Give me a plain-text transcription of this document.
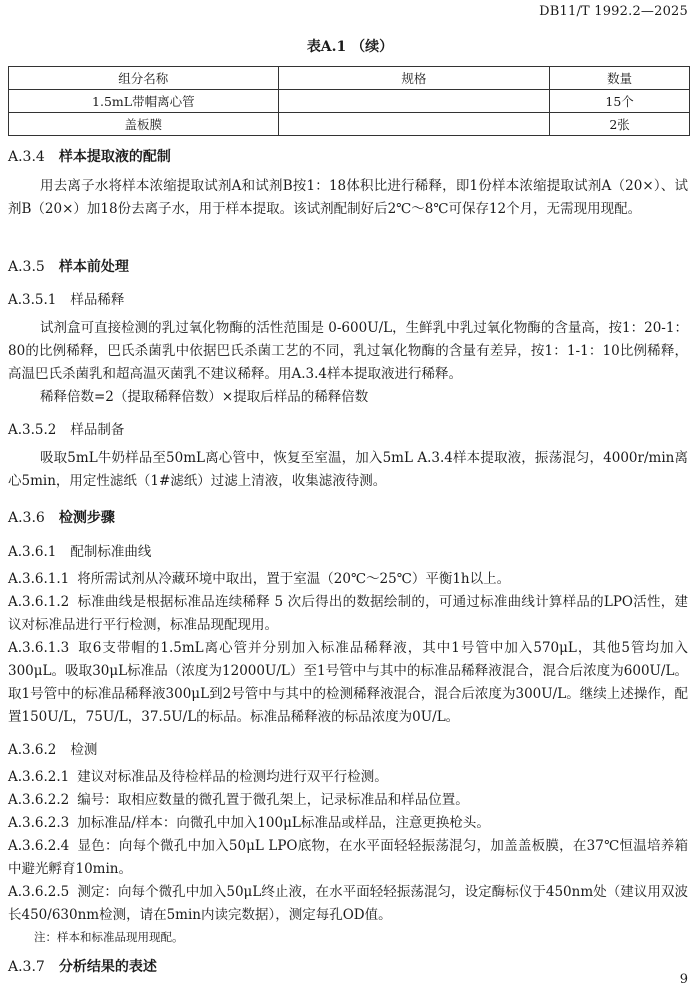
DB11/T 1992.2—2025
表A.1 （续）
组分名称	规格	数量
1.5mL带帽离心管		15个
盖板膜		2张
A.3.4 样本提取液的配制
用去离子水将样本浓缩提取试剂A和试剂B按1：18体积比进行稀释，即1份样本浓缩提取试剂A（20×）、试剂B（20×）加18份去离子水，用于样本提取。该试剂配制好后2℃～8℃可保存12个月，无需现用现配。
A.3.5 样本前处理
A.3.5.1 样品稀释
试剂盒可直接检测的乳过氧化物酶的活性范围是 0-600U/L，生鲜乳中乳过氧化物酶的含量高，按1：20-1：80的比例稀释，巴氏杀菌乳中依据巴氏杀菌工艺的不同，乳过氧化物酶的含量有差异，按1：1-1：10比例稀释，高温巴氏杀菌乳和超高温灭菌乳不建议稀释。用A.3.4样本提取液进行稀释。
稀释倍数=2（提取稀释倍数）×提取后样品的稀释倍数
A.3.5.2 样品制备
吸取5mL牛奶样品至50mL离心管中，恢复至室温，加入5mL A.3.4样本提取液，振荡混匀，4000r/min离心5min，用定性滤纸（1#滤纸）过滤上清液，收集滤液待测。
A.3.6 检测步骤
A.3.6.1 配制标准曲线
A.3.6.1.1 将所需试剂从冷藏环境中取出，置于室温（20℃～25℃）平衡1h以上。
A.3.6.1.2 标准曲线是根据标准品连续稀释 5 次后得出的数据绘制的，可通过标准曲线计算样品的LPO活性，建议对标准品进行平行检测，标准品现配现用。
A.3.6.1.3 取6支带帽的1.5mL离心管并分别加入标准品稀释液，其中1号管中加入570μL，其他5管均加入300μL。吸取30μL标准品（浓度为12000U/L）至1号管中与其中的标准品稀释液混合，混合后浓度为600U/L。取1号管中的标准品稀释液300μL到2号管中与其中的检测稀释液混合，混合后浓度为300U/L。继续上述操作，配置150U/L，75U/L，37.5U/L的标品。标准品稀释液的标品浓度为0U/L。
A.3.6.2 检测
A.3.6.2.1 建议对标准品及待检样品的检测均进行双平行检测。
A.3.6.2.2 编号：取相应数量的微孔置于微孔架上，记录标准品和样品位置。
A.3.6.2.3 加标准品/样本：向微孔中加入100μL标准品或样品，注意更换枪头。
A.3.6.2.4 显色：向每个微孔中加入50μL LPO底物，在水平面轻轻振荡混匀，加盖盖板膜，在37℃恒温培养箱中避光孵育10min。
A.3.6.2.5 测定：向每个微孔中加入50μL终止液，在水平面轻轻振荡混匀，设定酶标仪于450nm处（建议用双波长450/630nm检测，请在5min内读完数据），测定每孔OD值。
注：样本和标准品现用现配。
A.3.7 分析结果的表述
9
